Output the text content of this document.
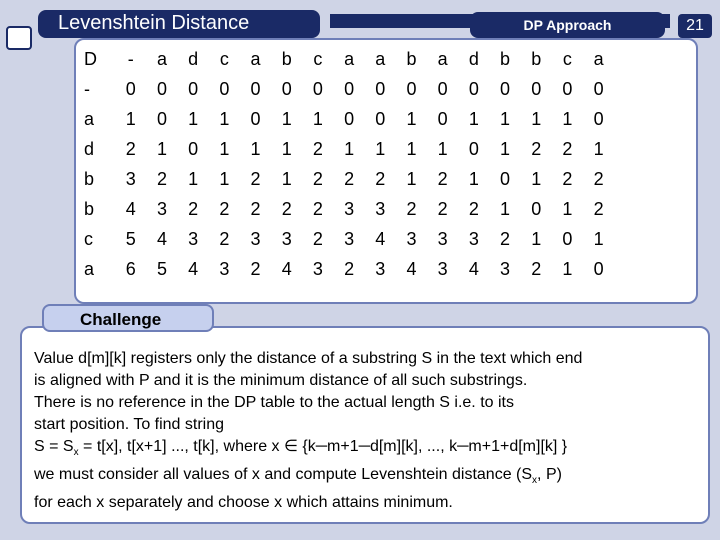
Levenshtein Distance	DP Approach	21
D	-	a	d	c	a	b	c	a	a	b	a	d	b	b	c	a
-	0	0	0	0	0	0	0	0	0	0	0	0	0	0	0	0
a	1	0	1	1	0	1	1	0	0	1	0	1	1	1	1	0
d	2	1	0	1	1	1	2	1	1	1	1	0	1	2	2	1
b	3	2	1	1	2	1	2	2	2	1	2	1	0	1	2	2
b	4	3	2	2	2	2	2	3	3	2	2	2	1	0	1	2
c	5	4	3	2	3	3	2	3	4	3	3	3	2	1	0	1
a	6	5	4	3	2	4	3	2	3	4	3	4	3	2	1	0
Challenge
Value d[m][k] registers only the distance of a substring S in the text which end
is aligned with P and it is the minimum distance of all such substrings.
There is no reference in the DP table to the actual length S i.e. to its
start position. To find string
$S = S_x = t[x]$, t[x+1] ..., t[k], where x ∈ {k─m+1─d[m][k], ..., k─m+1+d[m][k] }
we must consider all values of x and compute Levenshtein distance ($S_x$, P)
for each x separately and choose x which attains minimum.
